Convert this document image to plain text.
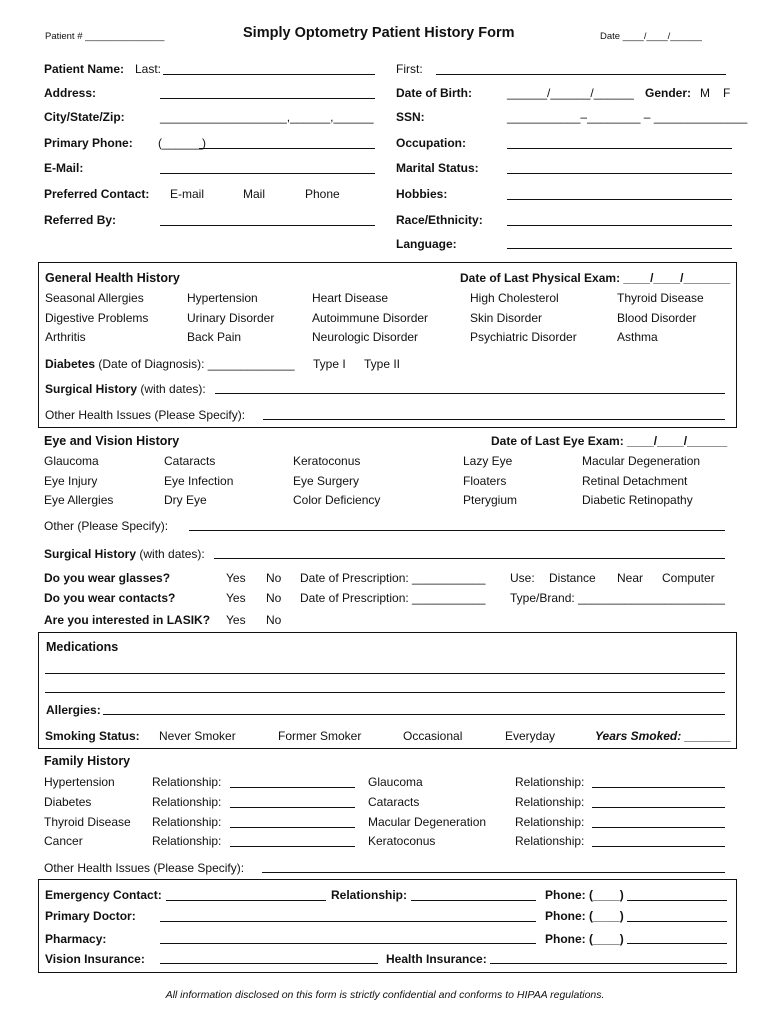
Patient # _______________	Simply Optometry Patient History Form	Date ____/____/______
Patient Name: Last:	First:
Address:	Date of Birth:	______/______/______ Gender: M F
City/State/Zip:	___________________,______,______ SSN:	___________–________ – ______________
Primary Phone: (______)	Occupation:
E-Mail:	Marital Status:
Preferred Contact: E-mail	Mail	Phone	Hobbies:
Referred By:	Race/Ethnicity:
Language:
General Health History	Date of Last Physical Exam: ____/____/_______
Seasonal Allergies	Hypertension	Heart Disease	High Cholesterol	Thyroid Disease
Digestive Problems	Urinary Disorder	Autoimmune Disorder	Skin Disorder	Blood Disorder
Arthritis	Back Pain	Neurologic Disorder	Psychiatric Disorder	Asthma
Diabetes (Date of Diagnosis): _____________ Type I Type II
Surgical History (with dates):
Other Health Issues (Please Specify):
Eye and Vision History	Date of Last Eye Exam: ____/____/______
Glaucoma	Cataracts	Keratoconus	Lazy Eye	Macular Degeneration
Eye Injury	Eye Infection	Eye Surgery	Floaters	Retinal Detachment
Eye Allergies	Dry Eye	Color Deficiency	Pterygium	Diabetic Retinopathy
Other (Please Specify):
Surgical History (with dates):
Do you wear glasses?	Yes No Date of Prescription: ___________ Use: Distance Near Computer
Do you wear contacts?	Yes No Date of Prescription: ___________ Type/Brand: ______________________
Are you interested in LASIK? Yes No
Medications
Allergies:
Smoking Status: Never Smoker	Former Smoker	Occasional	Everyday	Years Smoked: _______
Family History
Hypertension	Relationship:	Glaucoma	Relationship:
Diabetes	Relationship:	Cataracts	Relationship:
Thyroid Disease Relationship:	Macular Degeneration Relationship:
Cancer	Relationship:	Keratoconus	Relationship:
Other Health Issues (Please Specify):
Emergency Contact:	Relationship:	Phone: (____)
Primary Doctor:	Phone: (____)
Pharmacy:	Phone: (____)
Vision Insurance:	Health Insurance:
All information disclosed on this form is strictly confidential and conforms to HIPAA regulations.
